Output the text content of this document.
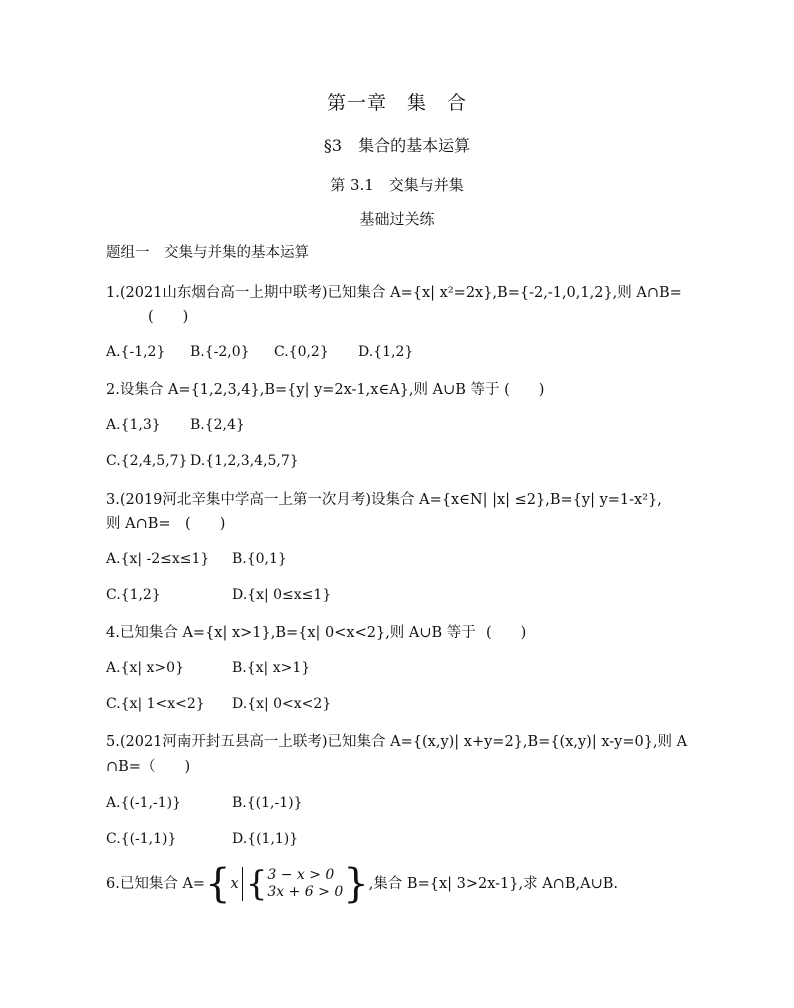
第一章　集　合
§3　集合的基本运算
第 3.1　交集与并集
基础过关练
题组一　交集与并集的基本运算
1.(2021山东烟台高一上期中联考)已知集合 A={x| x²=2x},B={-2,-1,0,1,2},则 A∩B=
(　　)
A.{-1,2} B.{-2,0} C.{0,2} D.{1,2}
2.设集合 A={1,2,3,4},B={y| y=2x-1,x∈A},则 A∪B 等于 (　　)
A.{1,3} B.{2,4}
C.{2,4,5,7} D.{1,2,3,4,5,7}
3.(2019河北辛集中学高一上第一次月考)设集合 A={x∈N| |x| ≤2},B={y| y=1-x²},
则 A∩B=　(　　)
A.{x| -2≤x≤1} B.{0,1}
C.{1,2}	D.{x| 0≤x≤1}
4.已知集合 A={x| x>1},B={x| 0<x<2},则 A∪B 等于 (　　)
A.{x| x>0}	B.{x| x>1}
C.{x| 1<x<2} D.{x| 0<x<2}
5.(2021河南开封五县高一上联考)已知集合 A={(x,y)| x+y=2},B={(x,y)| x-y=0},则 A
∩B=（　　)
A.{(-1,-1)}	B.{(1,-1)}
C.{(-1,1)}	D.{(1,1)}
6.已知集合 A= { x { 3 − x > 0
3x + 6 > 0 } ,集合 B={x| 3>2x-1},求 A∩B,A∪B.
